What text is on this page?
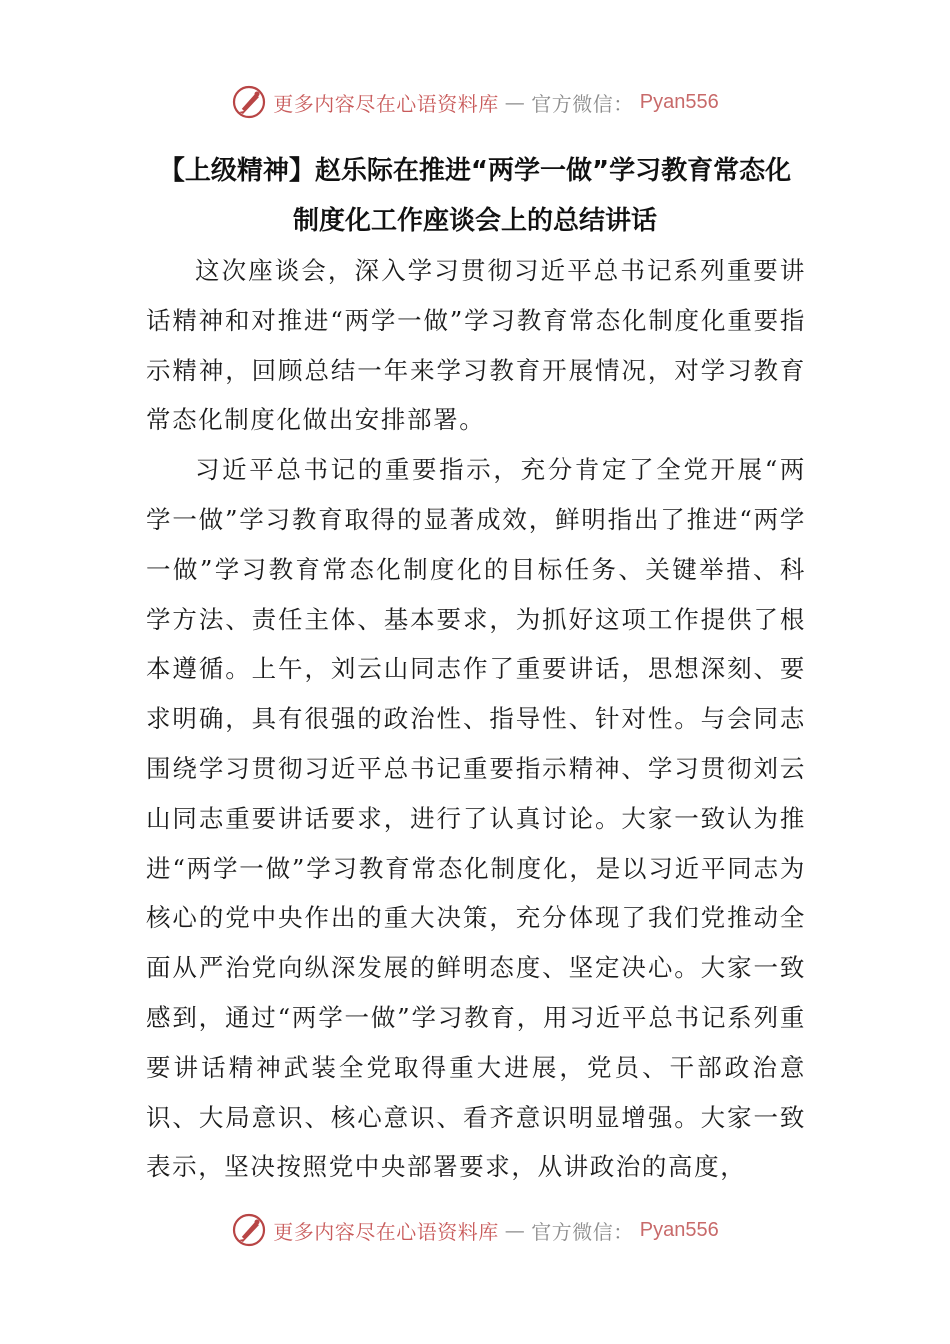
更多内容尽在心语资料库 — 官方微信： Pyan556
【上级精神】赵乐际在推进“两学一做”学习教育常态化
制度化工作座谈会上的总结讲话

这次座谈会，深入学习贯彻习近平总书记系列重要讲话精神和对推进“两学一做”学习教育常态化制度化重要指示精神，回顾总结一年来学习教育开展情况，对学习教育常态化制度化做出安排部署。

习近平总书记的重要指示，充分肯定了全党开展“两学一做”学习教育取得的显著成效，鲜明指出了推进“两学一做”学习教育常态化制度化的目标任务、关键举措、科学方法、责任主体、基本要求，为抓好这项工作提供了根本遵循。上午，刘云山同志作了重要讲话，思想深刻、要求明确，具有很强的政治性、指导性、针对性。与会同志围绕学习贯彻习近平总书记重要指示精神、学习贯彻刘云山同志重要讲话要求，进行了认真讨论。大家一致认为推进“两学一做”学习教育常态化制度化，是以习近平同志为核心的党中央作出的重大决策，充分体现了我们党推动全面从严治党向纵深发展的鲜明态度、坚定决心。大家一致感到，通过“两学一做”学习教育，用习近平总书记系列重要讲话精神武装全党取得重大进展，党员、干部政治意识、大局意识、核心意识、看齐意识明显增强。大家一致表示，坚决按照党中央部署要求，从讲政治的高度，

更多内容尽在心语资料库 — 官方微信： Pyan556
